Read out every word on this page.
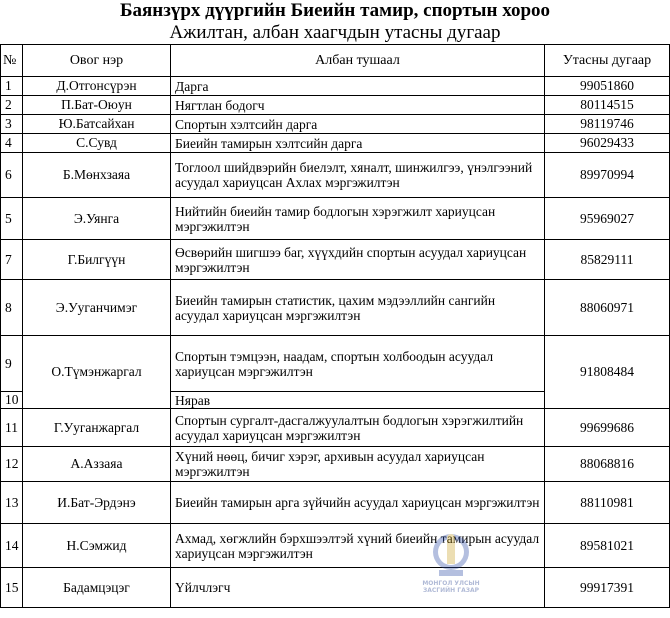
Баянзүрх дүүргийн Биеийн тамир, спортын хороо
Ажилтан, албан хаагчдын утасны дугаар
№	Овог нэр	Албан тушаал	Утасны дугаар
1	Д.Отгонсүрэн	Дарга	99051860
2	П.Бат-Оюун	Нягтлан бодогч	80114515
3	Ю.Батсайхан	Спортын хэлтсийн дарга	98119746
4	С.Сувд	Биеийн тамирын хэлтсийн дарга	96029433
6	Б.Мөнхзаяа	Тоглоол шийдвэрийн биелэлт, хяналт, шинжилгээ, үнэлгээний асуудал хариуцсан Ахлах мэргэжилтэн	89970994
5	Э.Уянга	Нийтийн биеийн тамир бодлогын хэрэгжилт хариуцсан мэргэжилтэн	95969027
7	Г.Билгүүн	Өсвөрийн шигшээ баг, хүүхдийн спортын асуудал хариуцсан мэргэжилтэн	85829111
8	Э.Ууганчимэг	Биеийн тамирын статистик, цахим мэдээллийн сангийн асуудал хариуцсан мэргэжилтэн	88060971
9	О.Түмэнжаргал	Спортын тэмцээн, наадам, спортын холбоодын асуудал хариуцсан мэргэжилтэн	91808484
10		Нярав	
11	Г.Ууганжаргал	Спортын сургалт-дасгалжуулалтын бодлогын хэрэгжилтийн асуудал хариуцсан мэргэжилтэн	99699686
12	А.Аззаяа	Хүний нөөц, бичиг хэрэг, архивын асуудал хариуцсан мэргэжилтэн	88068816
13	И.Бат-Эрдэнэ	Биеийн тамирын арга зүйчийн асуудал хариуцсан мэргэжилтэн	88110981
14	Н.Сэмжид	Ахмад, хөгжлийн бэрхшээлтэй хүний биеийн тамирын асуудал хариуцсан мэргэжилтэн	89581021
15	Бадамцэцэг	Үйлчлэгч	99917391
МОНГОЛ УЛСЫН
ЗАСГИЙН ГАЗАР
